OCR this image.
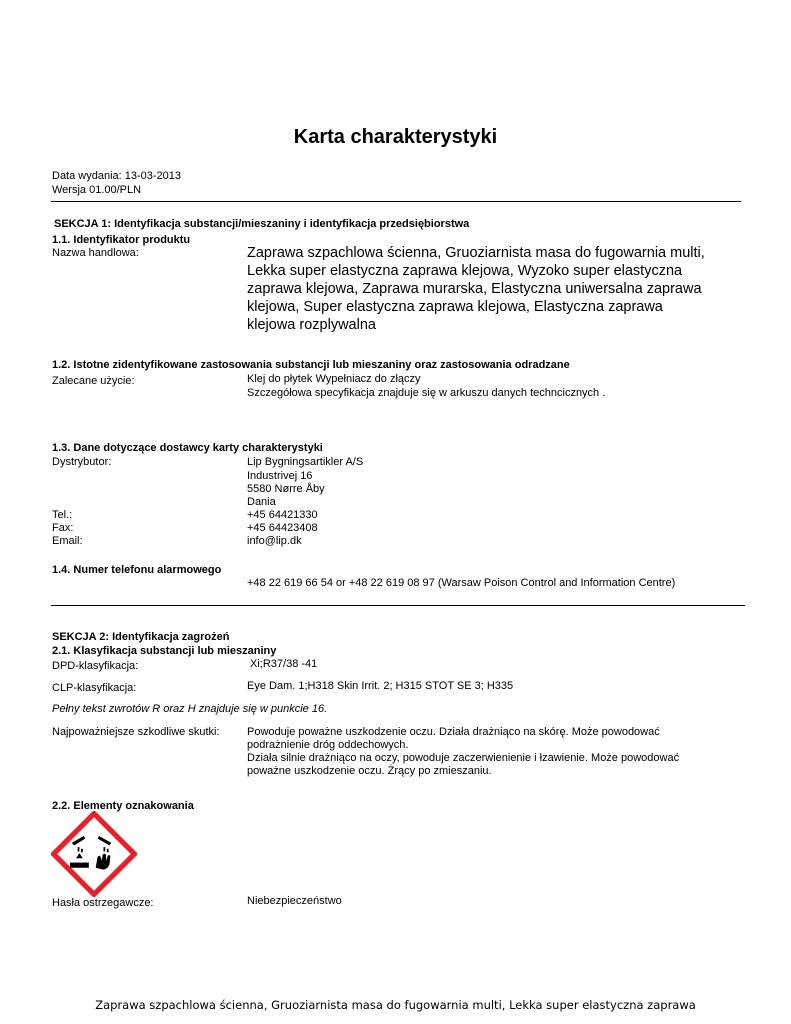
Karta charakterystyki
Data wydania: 13-03-2013
Wersja 01.00/PLN
SEKCJA 1: Identyfikacja substancji/mieszaniny i identyfikacja przedsiębiorstwa
1.1. Identyfikator produktu
Nazwa handlowa:	Zaprawa szpachlowa ścienna, Gruoziarnista masa do fugowarnia multi,
Lekka super elastyczna zaprawa klejowa, Wyzoko super elastyczna
zaprawa klejowa, Zaprawa murarska, Elastyczna uniwersalna zaprawa
klejowa, Super elastyczna zaprawa klejowa, Elastyczna zaprawa
klejowa rozplywalna
1.2. Istotne zidentyfikowane zastosowania substancji lub mieszaniny oraz zastosowania odradzane
Zalecane użycie:	Klej do płytek Wypełniacz do złączy
Szczegółowa specyfikacja znajduje się w arkuszu danych techncicznych .
1.3. Dane dotyczące dostawcy karty charakterystyki
Dystrybutor:	Lip Bygningsartikler A/S
Industrivej 16
5580 Nørre Åby
Dania
Tel.:	+45 64421330
Fax:	+45 64423408
Email:	info@lip.dk
1.4. Numer telefonu alarmowego
+48 22 619 66 54 or +48 22 619 08 97 (Warsaw Poison Control and Information Centre)
SEKCJA 2: Identyfikacja zagrożeń
2.1. Klasyfikacja substancji lub mieszaniny
DPD-klasyfikacja:	Xi;R37/38 -41
CLP-klasyfikacja:	Eye Dam. 1;H318 Skin Irrit. 2; H315 STOT SE 3; H335
Pełny tekst zwrotów R oraz H znajduje się w punkcie 16.
Najpoważniejsze szkodliwe skutki: Powoduje poważne uszkodzenie oczu. Działa drażniąco na skórę. Może powodować
podrażnienie dróg oddechowych.
Działa silnie drażniąco na oczy, powoduje zaczerwienienie i łzawienie. Może powodować
poważne uszkodzenie oczu. Żrący po zmieszaniu.
2.2. Elementy oznakowania
Hasła ostrzegawcze:	Niebezpieczeństwo
Zaprawa szpachlowa ścienna, Gruoziarnista masa do fugowarnia multi, Lekka super elastyczna zaprawa
